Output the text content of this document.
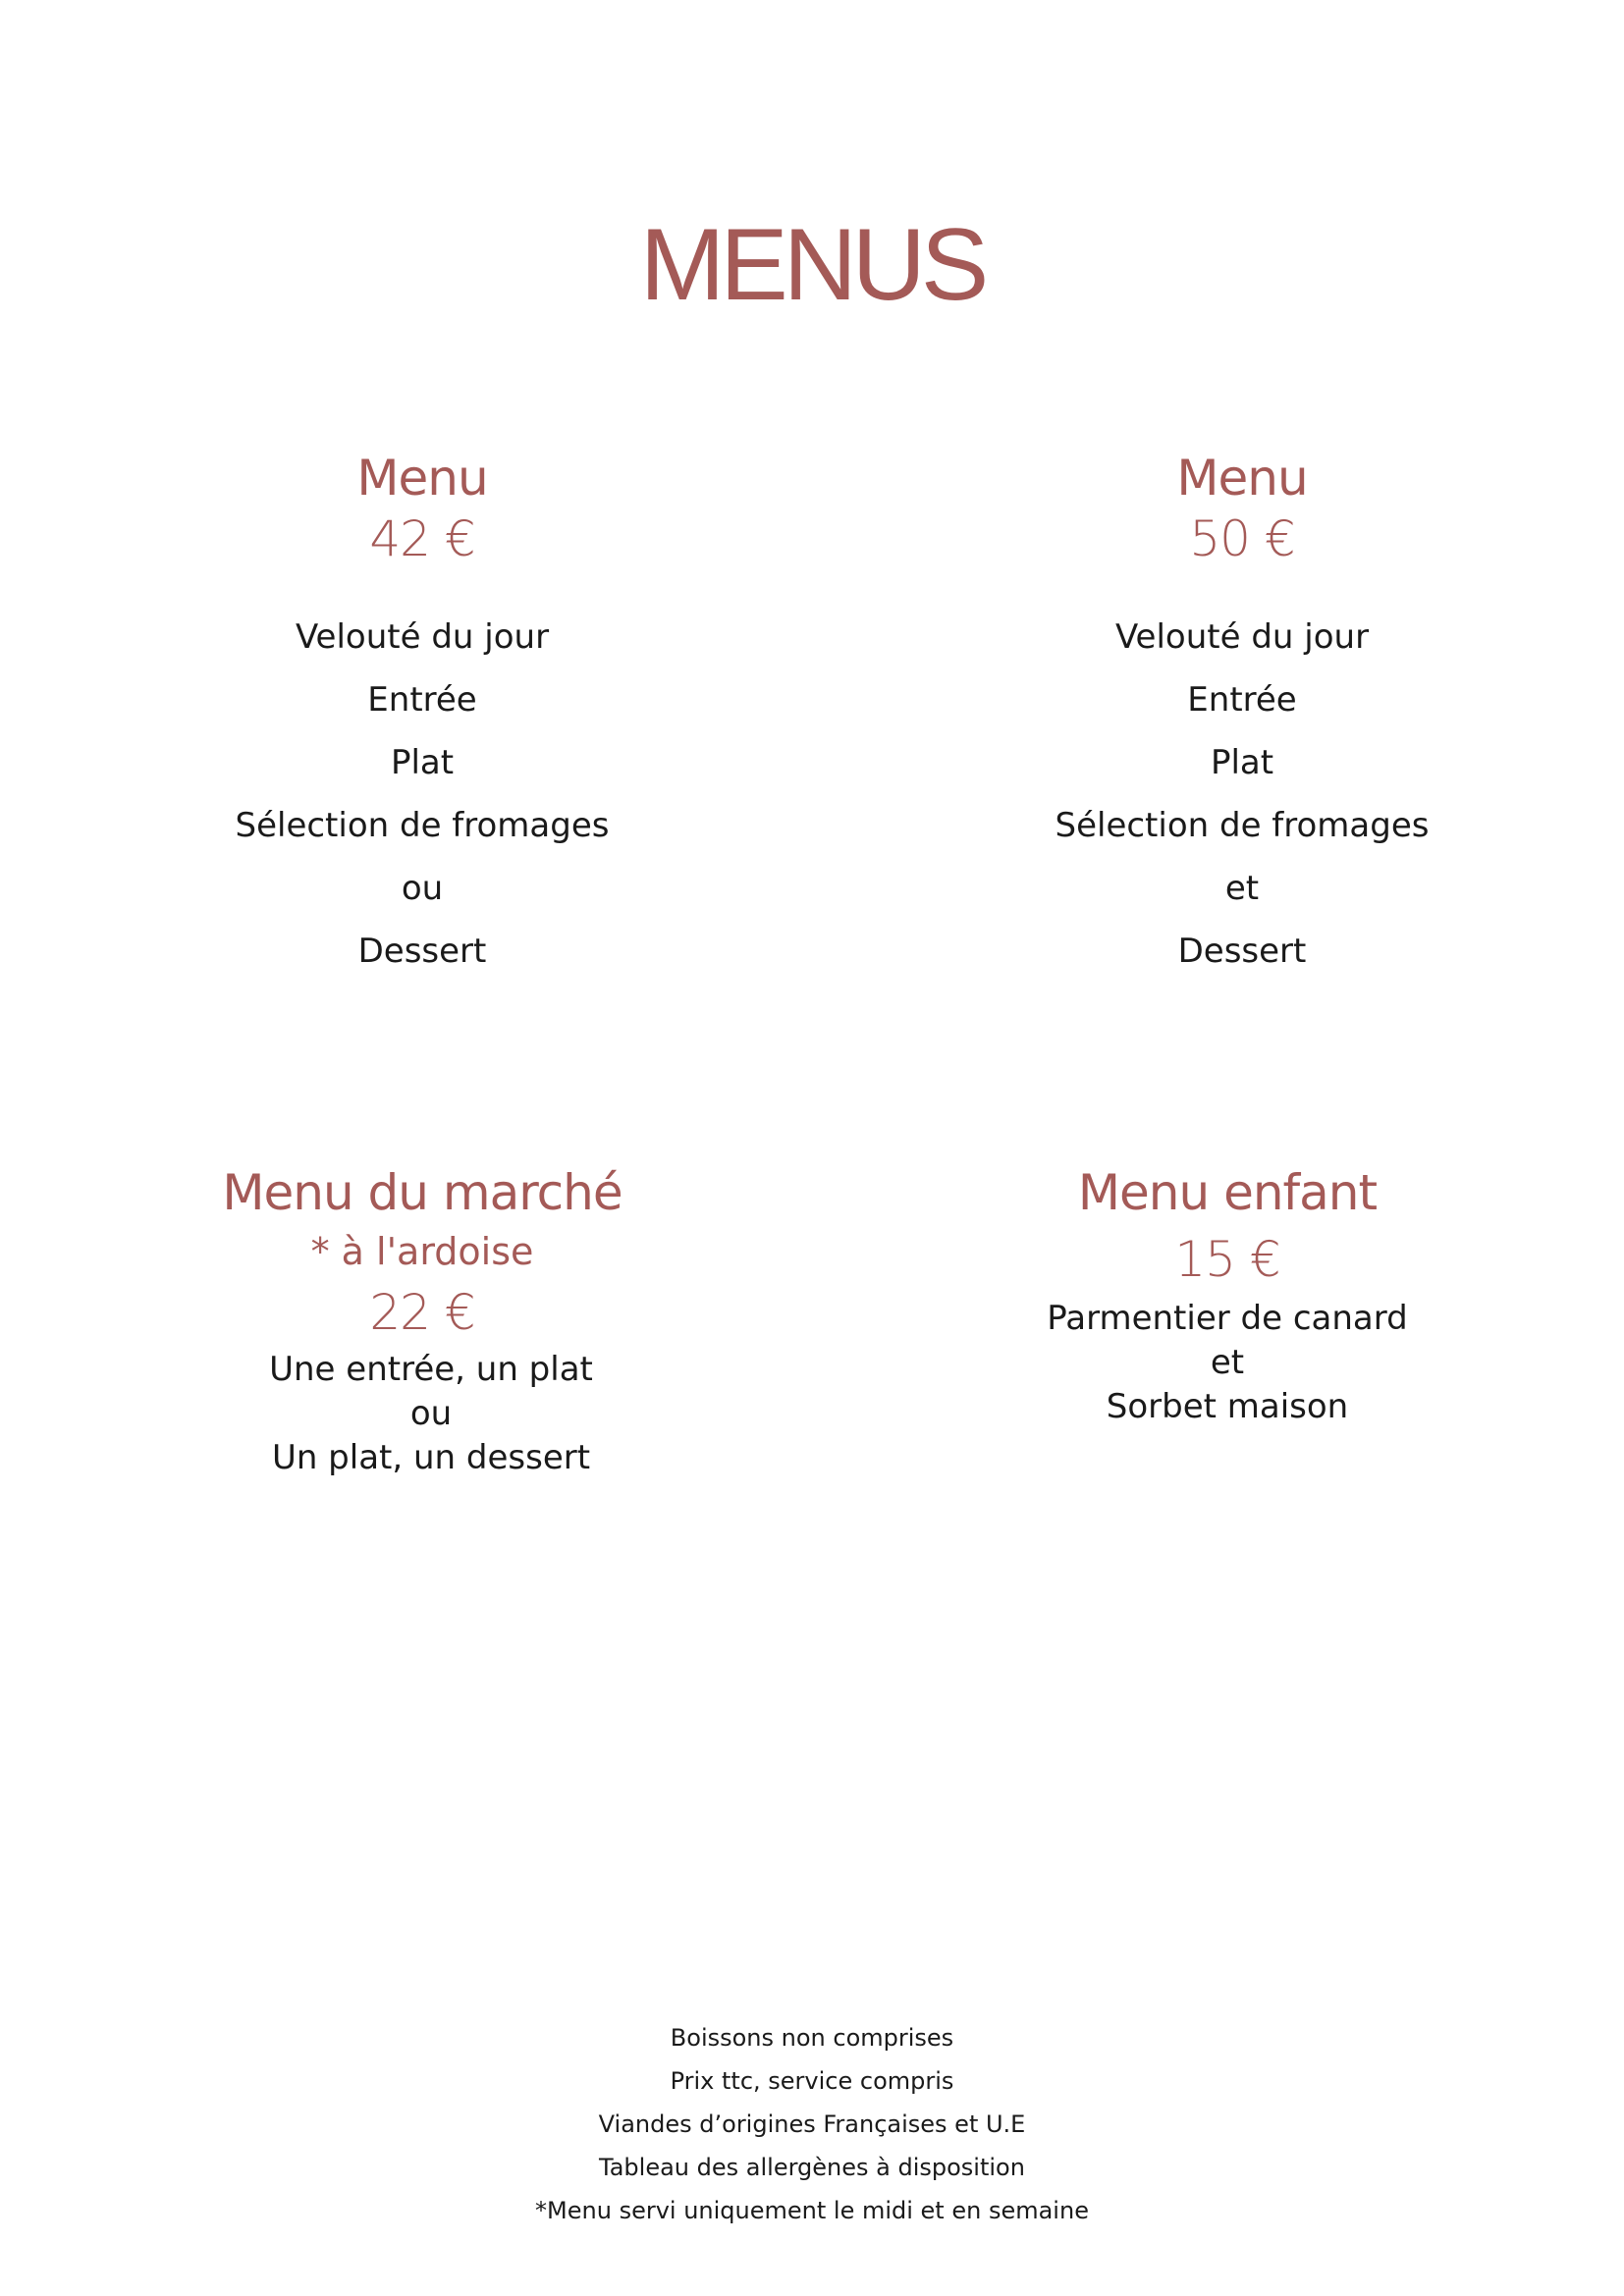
MENUS
Menu
42 €
Velouté du jour
Entrée
Plat
Sélection de fromages
ou
Dessert
Menu
50 €
Velouté du jour
Entrée
Plat
Sélection de fromages
et
Dessert
Menu du marché
* à l'ardoise
22 €
Une entrée, un plat
ou
Un plat, un dessert
Menu enfant
15 €
Parmentier de canard
et
Sorbet maison
Boissons non comprises
Prix ttc, service compris
Viandes d’origines Françaises et U.E
Tableau des allergènes à disposition
*Menu servi uniquement le midi et en semaine
